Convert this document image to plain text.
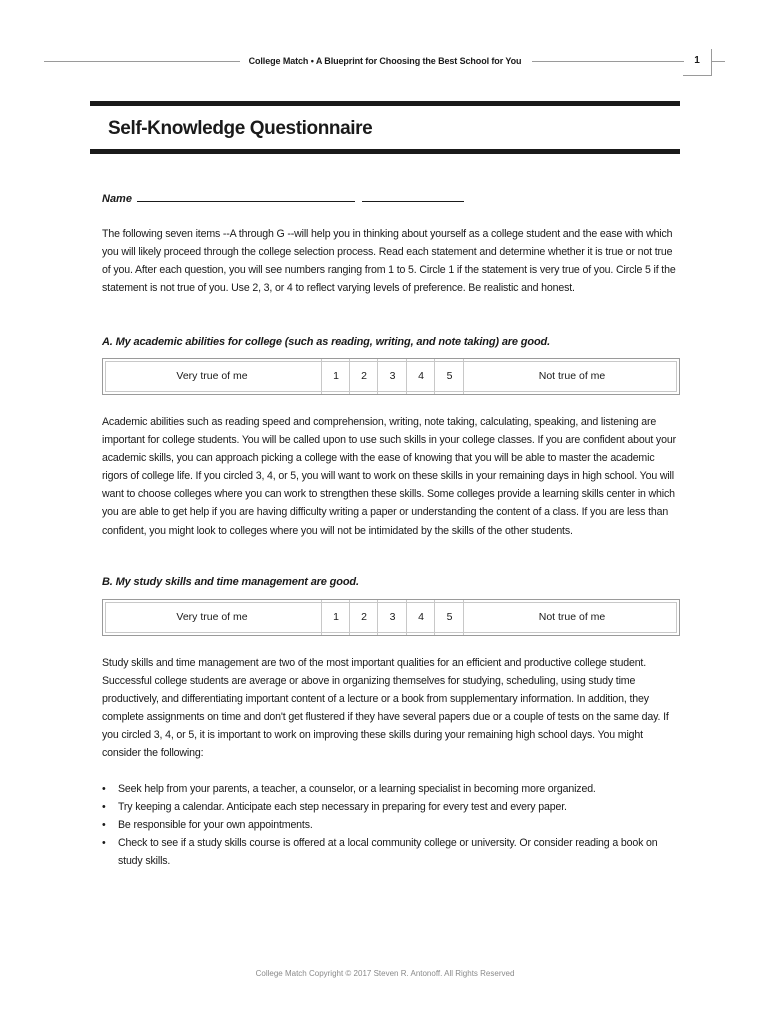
College Match • A Blueprint for Choosing the Best School for You	1
Self-Knowledge Questionnaire
Name
The following seven items --A through G --will help you in thinking about yourself as a college student and the ease with which you will likely proceed through the college selection process. Read each statement and determine whether it is true or not true of you. After each question, you will see numbers ranging from 1 to 5. Circle 1 if the statement is very true of you. Circle 5 if the statement is not true of you. Use 2, 3, or 4 to reflect varying levels of preference. Be realistic and honest.
A. My academic abilities for college (such as reading, writing, and note taking) are good.
Very true of me	1	2	3	4	5	Not true of me
Academic abilities such as reading speed and comprehension, writing, note taking, calculating, speaking, and listening are important for college students. You will be called upon to use such skills in your college classes. If you are confident about your academic skills, you can approach picking a college with the ease of knowing that you will be able to master the academic rigors of college life. If you circled 3, 4, or 5, you will want to work on these skills in your remaining days in high school. You will want to choose colleges where you can work to strengthen these skills. Some colleges provide a learning skills center in which you are able to get help if you are having difficulty writing a paper or understanding the content of a class. If you are less than confident, you might look to colleges where you will not be intimidated by the skills of the other students.
B. My study skills and time management are good.
Very true of me	1	2	3	4	5	Not true of me
Study skills and time management are two of the most important qualities for an efficient and productive college student. Successful college students are average or above in organizing themselves for studying, scheduling, using study time productively, and differentiating important content of a lecture or a book from supplementary information. In addition, they complete assignments on time and don't get flustered if they have several papers due or a couple of tests on the same day. If you circled 3, 4, or 5, it is important to work on improving these skills during your remaining high school days. You might consider the following:
• Seek help from your parents, a teacher, a counselor, or a learning specialist in becoming more organized.
• Try keeping a calendar. Anticipate each step necessary in preparing for every test and every paper.
• Be responsible for your own appointments.
• Check to see if a study skills course is offered at a local community college or university. Or consider reading a book on study skills.
College Match Copyright © 2017 Steven R. Antonoff. All Rights Reserved
